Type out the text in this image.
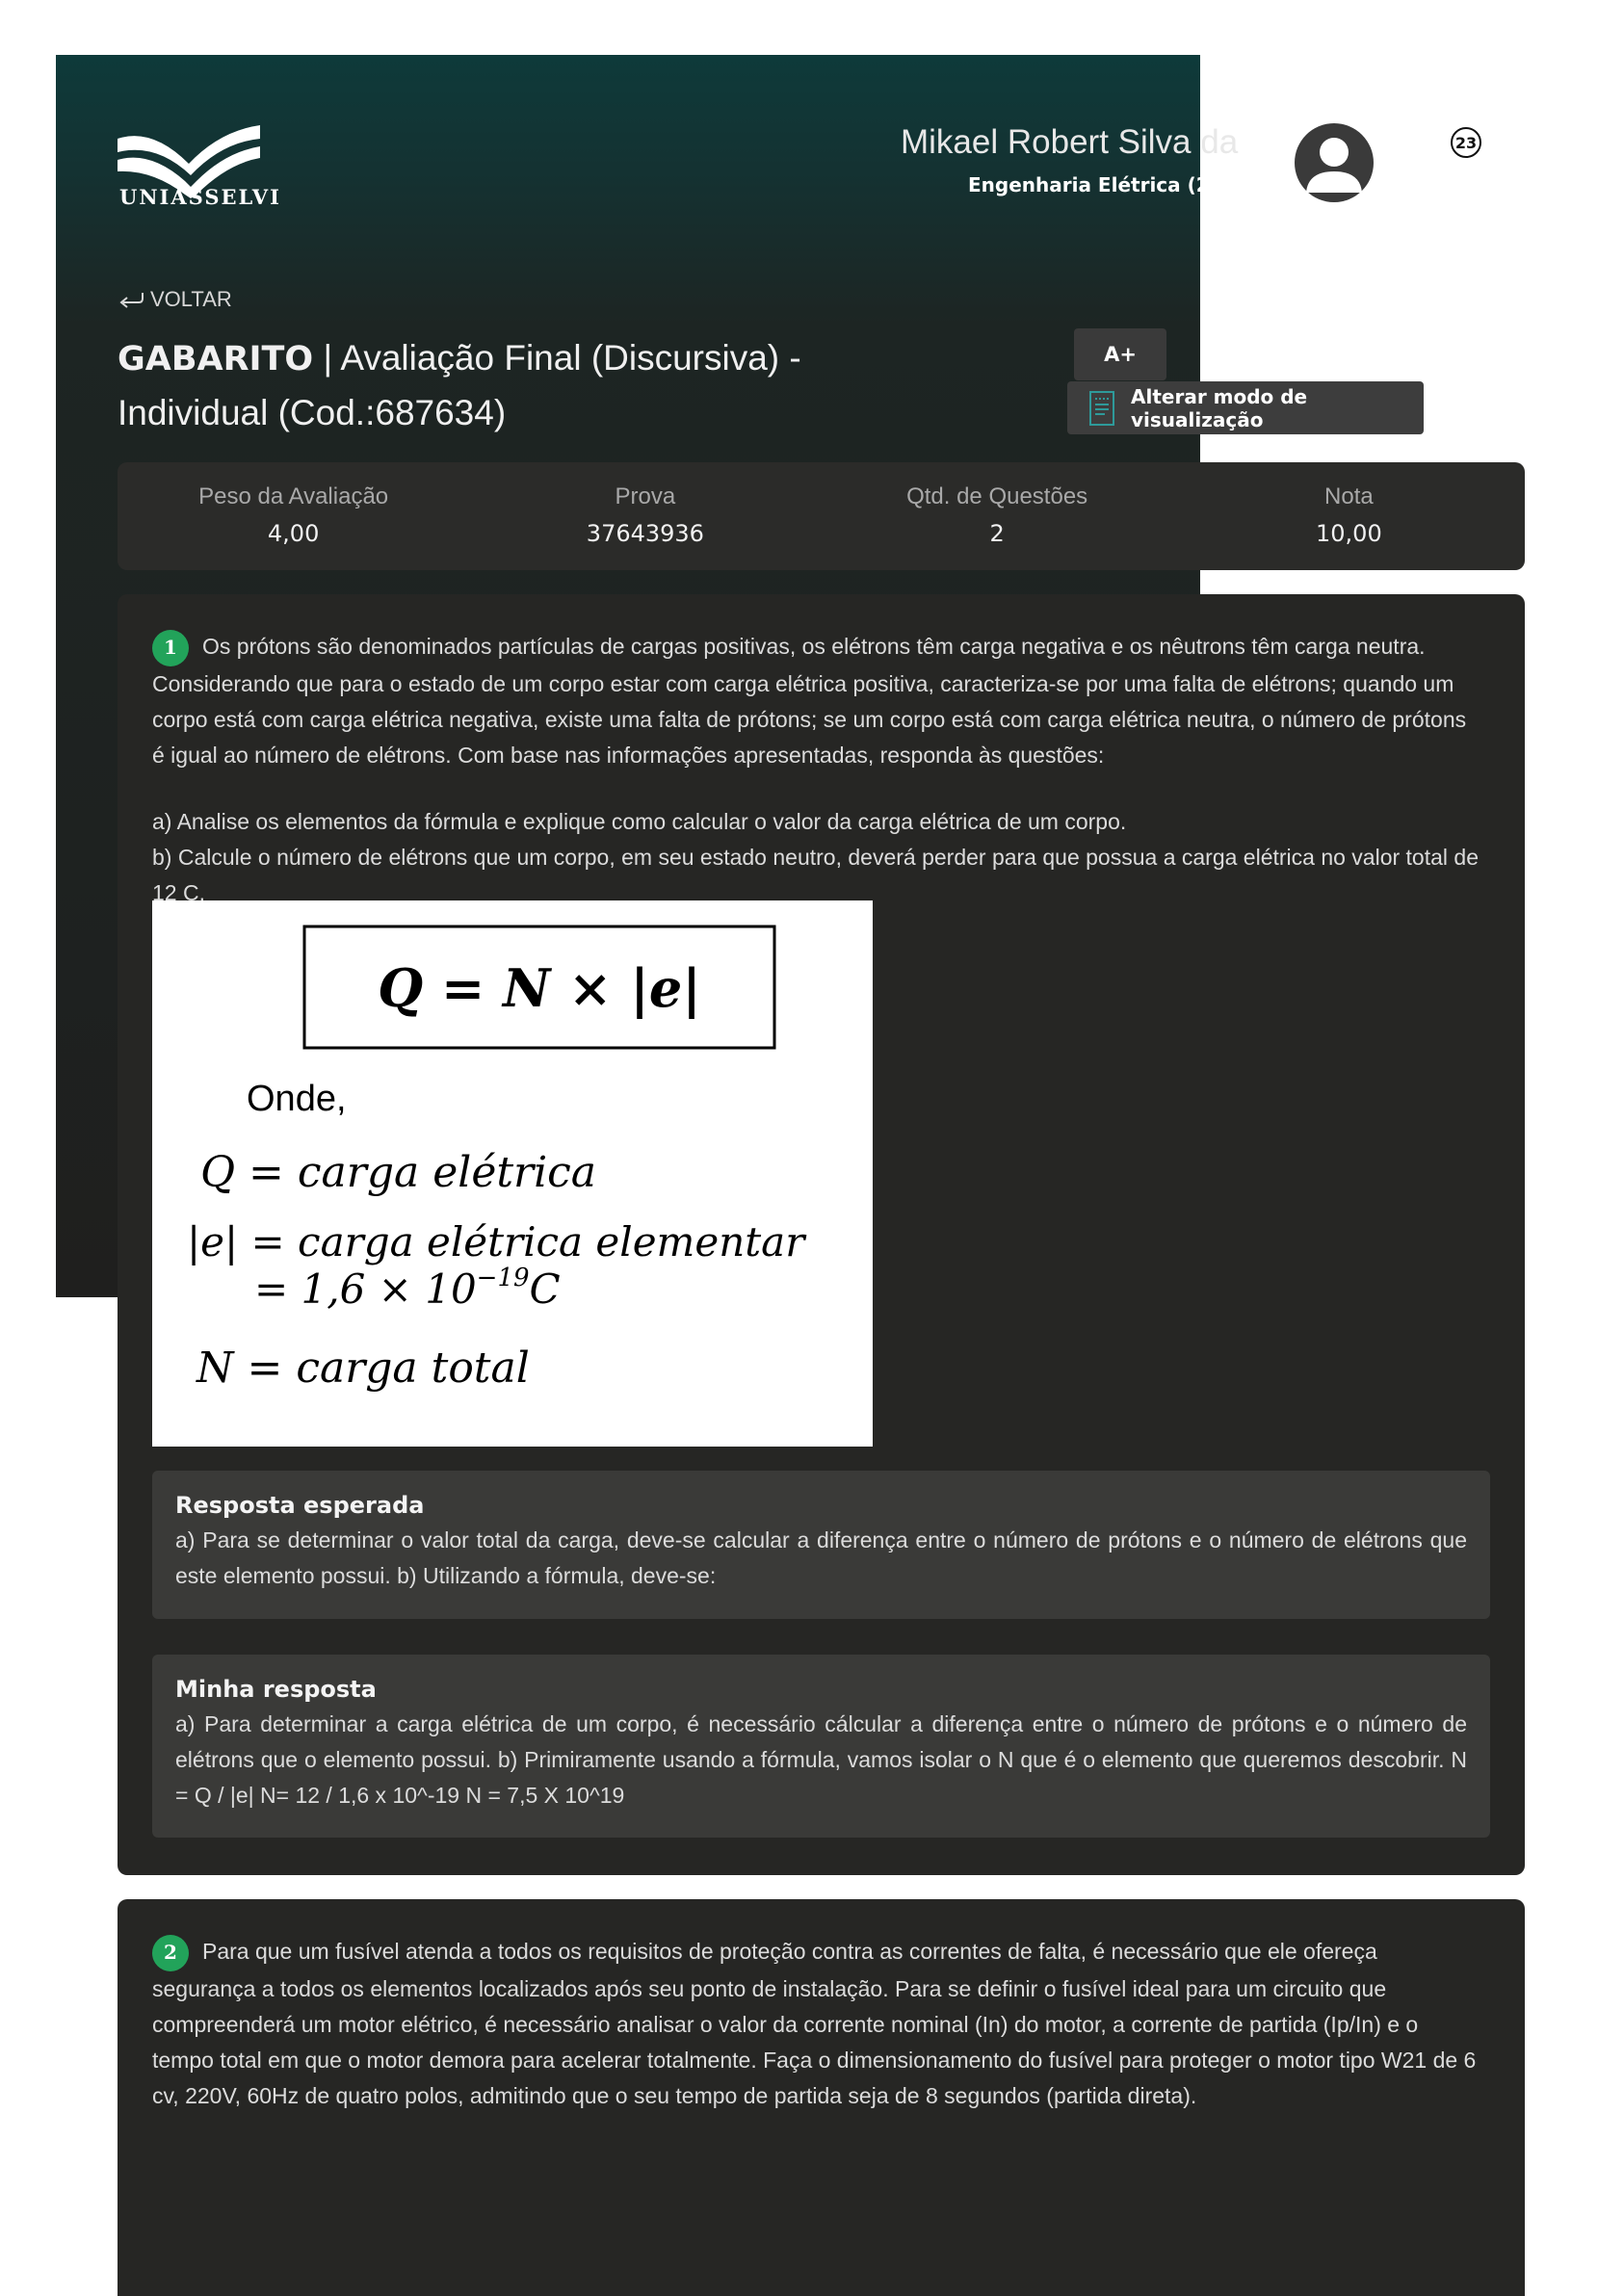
UNIASSELVI
Mikael Robert Silva da
Engenharia Elétrica (257
23
VOLTAR
GABARITO | Avaliação Final (Discursiva) - Individual (Cod.:687634)
A+
Alterar modo de visualização
Peso da Avaliação
4,00
Prova
37643936
Qtd. de Questões
2
Nota
10,00
1 Os prótons são denominados partículas de cargas positivas, os elétrons têm carga negativa e os nêutrons têm carga neutra. Considerando que para o estado de um corpo estar com carga elétrica positiva, caracteriza-se por uma falta de elétrons; quando um corpo está com carga elétrica negativa, existe uma falta de prótons; se um corpo está com carga elétrica neutra, o número de prótons é igual ao número de elétrons. Com base nas informações apresentadas, responda às questões:
a) Analise os elementos da fórmula e explique como calcular o valor da carga elétrica de um corpo.
b) Calcule o número de elétrons que um corpo, em seu estado neutro, deverá perder para que possua a carga elétrica no valor total de 12 C.
Q = N × |e|
Onde,
Q = carga elétrica
|e| = carga elétrica elementar
= $1,6 \times 10^{-19}C$
N = carga total
Resposta esperada
a) Para se determinar o valor total da carga, deve-se calcular a diferença entre o número de prótons e o número de elétrons que este elemento possui. b) Utilizando a fórmula, deve-se:
Minha resposta
a) Para determinar a carga elétrica de um corpo, é necessário cálcular a diferença entre o número de prótons e o número de elétrons que o elemento possui. b) Primiramente usando a fórmula, vamos isolar o N que é o elemento que queremos descobrir. N = Q / |e| N= 12 / 1,6 x 10^-19 N = 7,5 X 10^19
2 Para que um fusível atenda a todos os requisitos de proteção contra as correntes de falta, é necessário que ele ofereça segurança a todos os elementos localizados após seu ponto de instalação. Para se definir o fusível ideal para um circuito que compreenderá um motor elétrico, é necessário analisar o valor da corrente nominal (In) do motor, a corrente de partida (Ip/In) e o tempo total em que o motor demora para acelerar totalmente. Faça o dimensionamento do fusível para proteger o motor tipo W21 de 6 cv, 220V, 60Hz de quatro polos, admitindo que o seu tempo de partida seja de 8 segundos (partida direta).
